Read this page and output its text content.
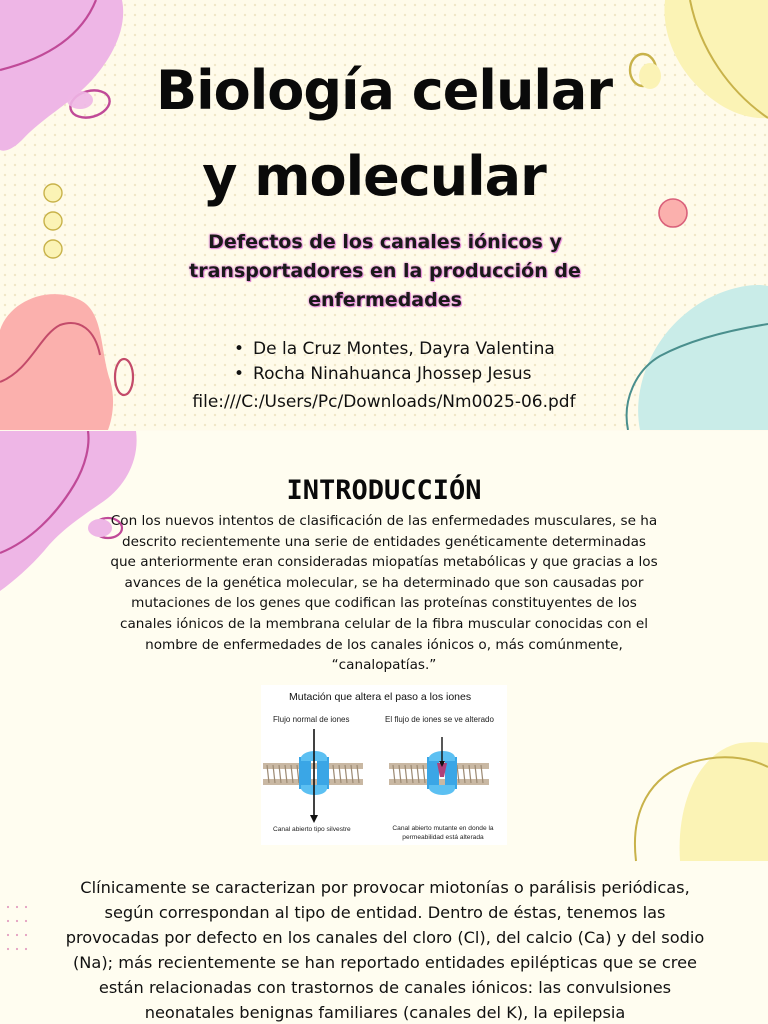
Biología celular
y molecular
Defectos de los canales iónicos y transportadores en la producción de enfermedades
• De la Cruz Montes, Dayra Valentina
• Rocha Ninahuanca Jhossep Jesus
file:///C:/Users/Pc/Downloads/Nm0025-06.pdf
INTRODUCCIÓN

Con los nuevos intentos de clasificación de las enfermedades musculares, se ha descrito recientemente una serie de entidades genéticamente determinadas que anteriormente eran consideradas miopatías metabólicas y que gracias a los avances de la genética molecular, se ha determinado que son causadas por mutaciones de los genes que codifican las proteínas constituyentes de los canales iónicos de la membrana celular de la fibra muscular conocidas con el nombre de enfermedades de los canales iónicos o, más comúnmente, “canalopatías.”

Mutación que altera el paso a los iones
Flujo normal de iones	El flujo de iones se ve alterado
Canal abierto tipo silvestre	Canal abierto mutante en donde la
permeabilidad está alterada

Clínicamente se caracterizan por provocar miotonías o parálisis periódicas, según correspondan al tipo de entidad. Dentro de éstas, tenemos las provocadas por defecto en los canales del cloro (Cl), del calcio (Ca) y del sodio (Na); más recientemente se han reportado entidades epilépticas que se cree están relacionadas con trastornos de canales iónicos: las convulsiones neonatales benignas familiares (canales del K), la epilepsia
